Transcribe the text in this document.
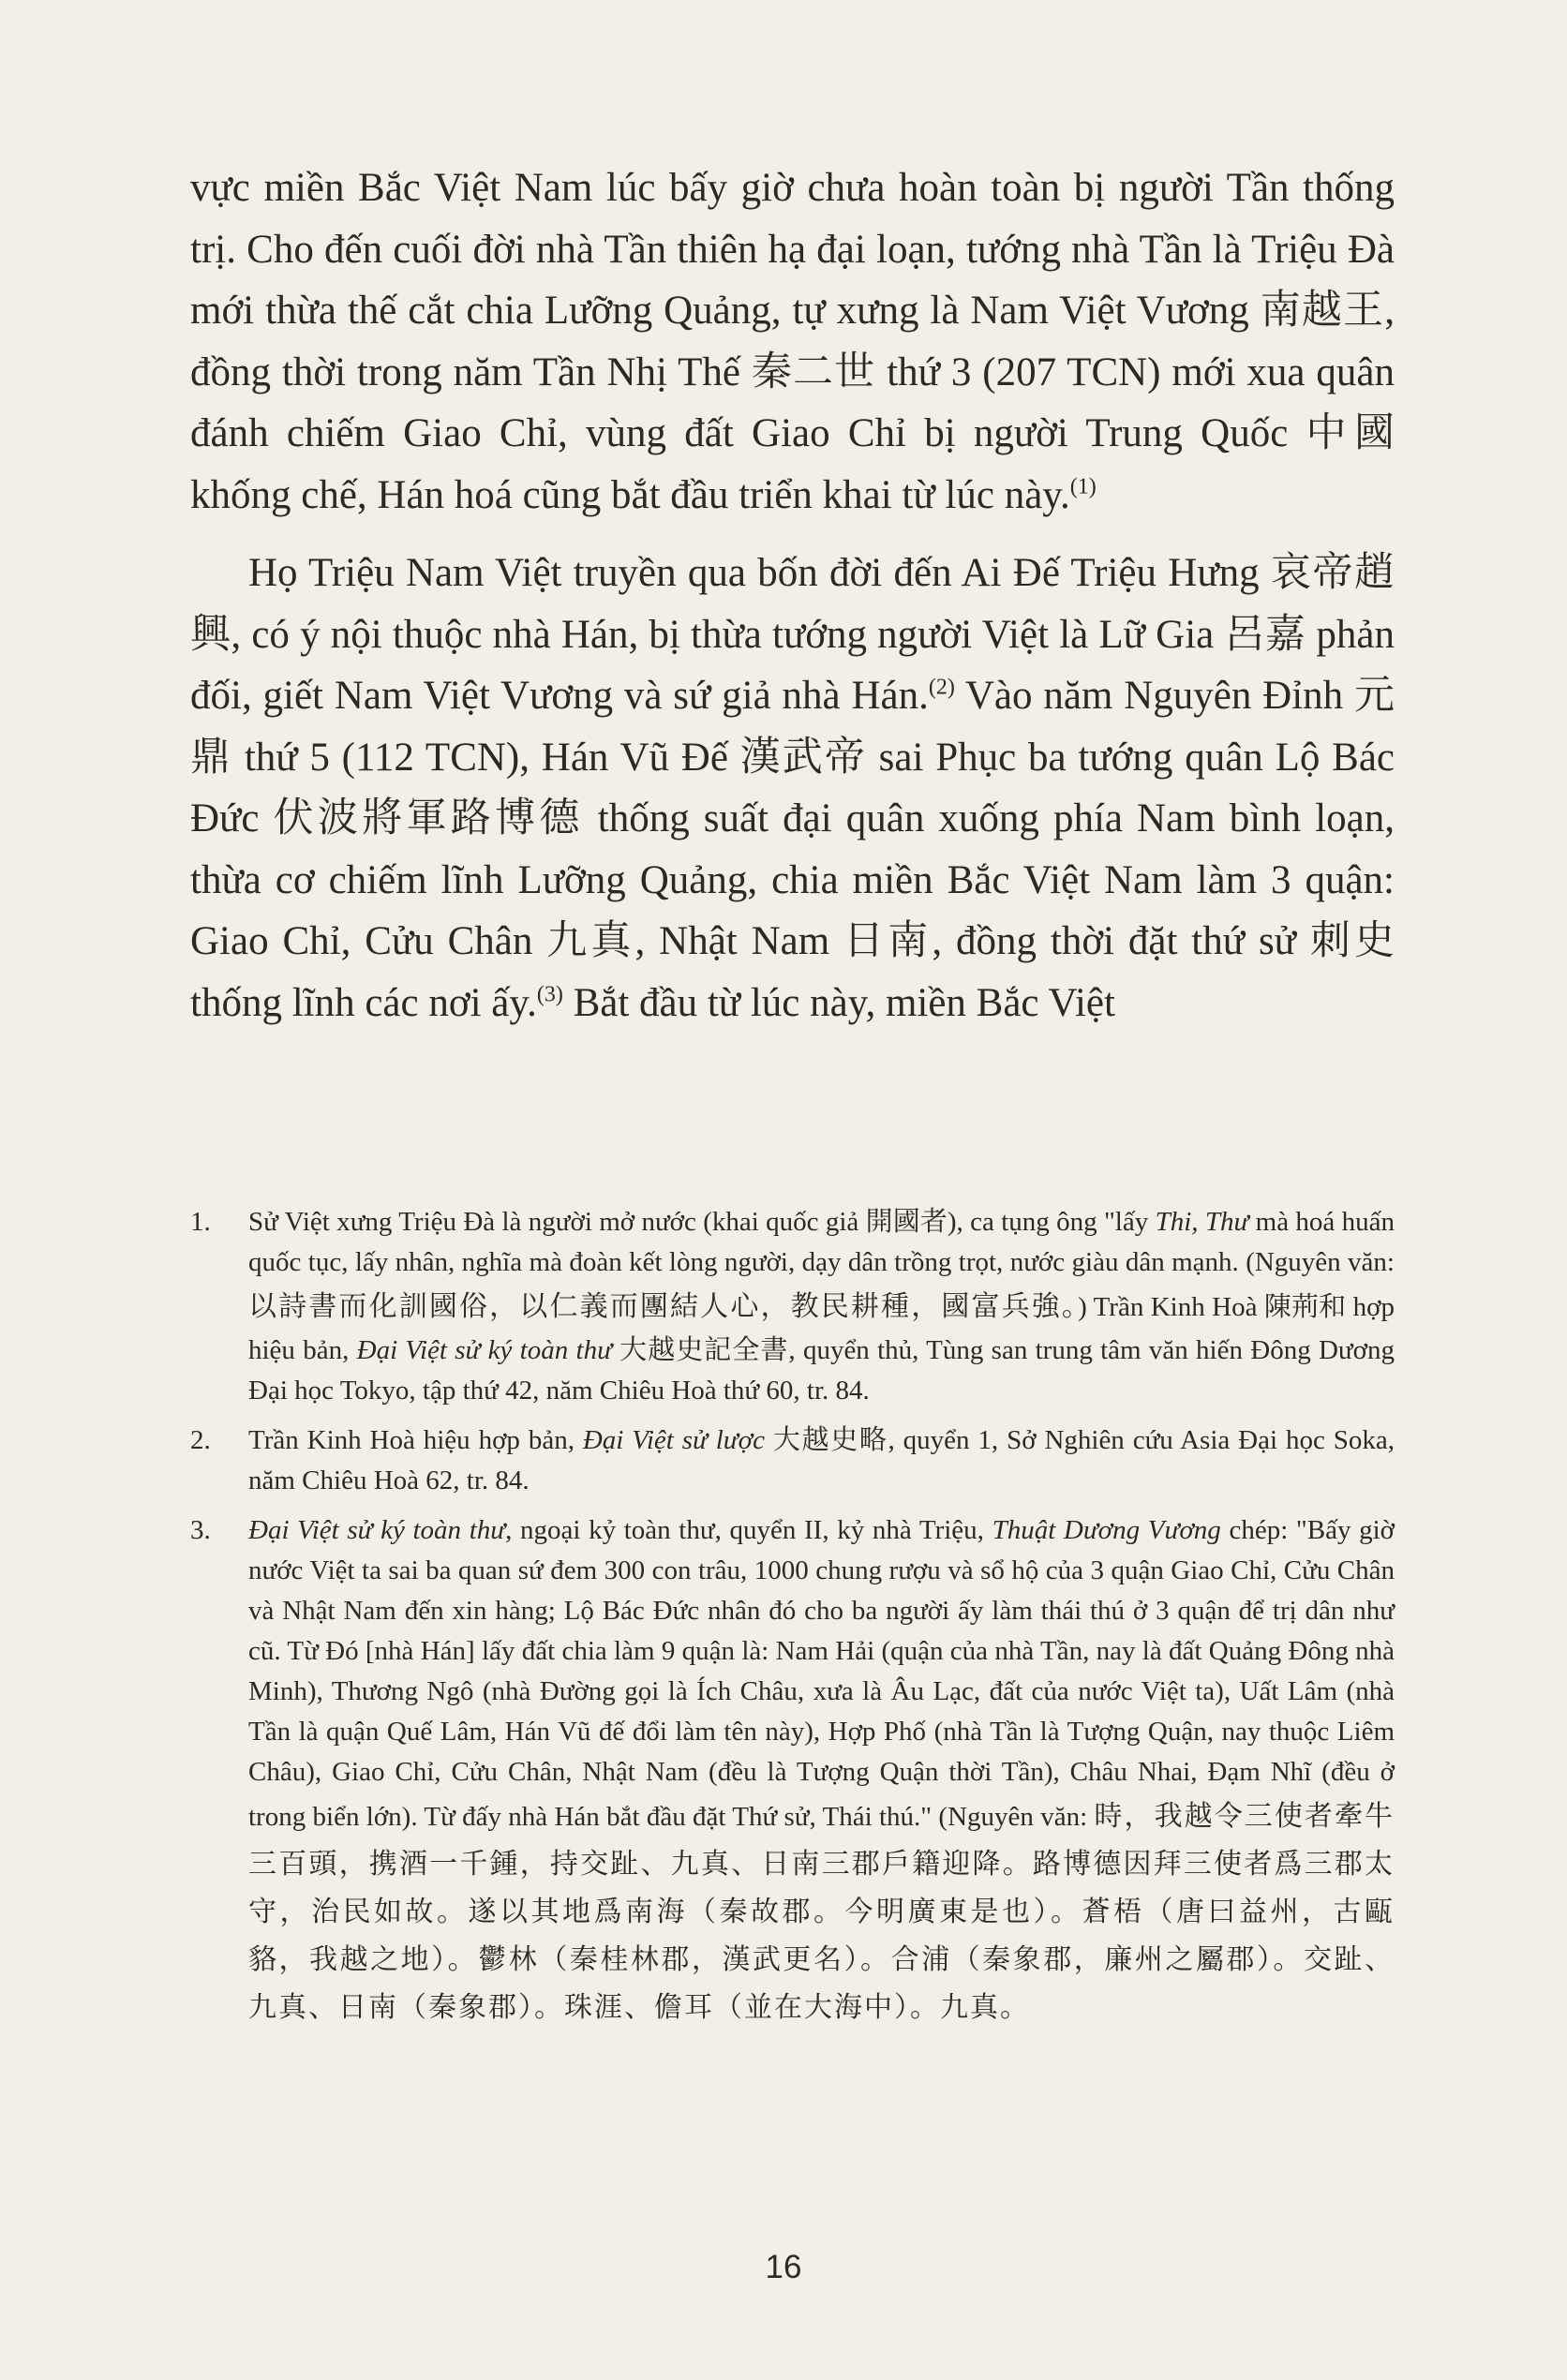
vực miền Bắc Việt Nam lúc bấy giờ chưa hoàn toàn bị người Tần thống trị. Cho đến cuối đời nhà Tần thiên hạ đại loạn, tướng nhà Tần là Triệu Đà mới thừa thế cắt chia Lưỡng Quảng, tự xưng là Nam Việt Vương 南越王, đồng thời trong năm Tần Nhị Thế 秦二世 thứ 3 (207 TCN) mới xua quân đánh chiếm Giao Chỉ, vùng đất Giao Chỉ bị người Trung Quốc 中國 khống chế, Hán hoá cũng bắt đầu triển khai từ lúc này.$^{(1)}$

Họ Triệu Nam Việt truyền qua bốn đời đến Ai Đế Triệu Hưng 哀帝趙興, có ý nội thuộc nhà Hán, bị thừa tướng người Việt là Lữ Gia 呂嘉 phản đối, giết Nam Việt Vương và sứ giả nhà Hán.$^{(2)}$ Vào năm Nguyên Đỉnh 元鼎 thứ 5 (112 TCN), Hán Vũ Đế 漢武帝 sai Phục ba tướng quân Lộ Bác Đức 伏波將軍路博德 thống suất đại quân xuống phía Nam bình loạn, thừa cơ chiếm lĩnh Lưỡng Quảng, chia miền Bắc Việt Nam làm 3 quận: Giao Chỉ, Cửu Chân 九真, Nhật Nam 日南, đồng thời đặt thứ sử 刺史 thống lĩnh các nơi ấy.$^{(3)}$ Bắt đầu từ lúc này, miền Bắc Việt

1. Sử Việt xưng Triệu Đà là người mở nước (khai quốc giả 開國者), ca tụng ông "lấy Thi, Thư mà hoá huấn quốc tục, lấy nhân, nghĩa mà đoàn kết lòng người, dạy dân trồng trọt, nước giàu dân mạnh. (Nguyên văn: 以詩書而化訓國俗，以仁義而團結人心，教民耕種，國富兵強。) Trần Kinh Hoà 陳荊和 hợp hiệu bản, Đại Việt sử ký toàn thư 大越史記全書, quyển thủ, Tùng san trung tâm văn hiến Đông Dương Đại học Tokyo, tập thứ 42, năm Chiêu Hoà thứ 60, tr. 84.
2. Trần Kinh Hoà hiệu hợp bản, Đại Việt sử lược 大越史略, quyển 1, Sở Nghiên cứu Asia Đại học Soka, năm Chiêu Hoà 62, tr. 84.
3. Đại Việt sử ký toàn thư, ngoại kỷ toàn thư, quyển II, kỷ nhà Triệu, Thuật Dương Vương chép: "Bấy giờ nước Việt ta sai ba quan sứ đem 300 con trâu, 1000 chung rượu và sổ hộ của 3 quận Giao Chỉ, Cửu Chân và Nhật Nam đến xin hàng; Lộ Bác Đức nhân đó cho ba người ấy làm thái thú ở 3 quận để trị dân như cũ. Từ Đó [nhà Hán] lấy đất chia làm 9 quận là: Nam Hải (quận của nhà Tần, nay là đất Quảng Đông nhà Minh), Thương Ngô (nhà Đường gọi là Ích Châu, xưa là Âu Lạc, đất của nước Việt ta), Uất Lâm (nhà Tần là quận Quế Lâm, Hán Vũ đế đổi làm tên này), Hợp Phố (nhà Tần là Tượng Quận, nay thuộc Liêm Châu), Giao Chỉ, Cửu Chân, Nhật Nam (đều là Tượng Quận thời Tần), Châu Nhai, Đạm Nhĩ (đều ở trong biển lớn). Từ đấy nhà Hán bắt đầu đặt Thứ sử, Thái thú." (Nguyên văn: 時，我越令三使者牽牛三百頭，携酒一千鍾，持交趾、九真、日南三郡戶籍迎降。路博德因拜三使者爲三郡太守，治民如故。遂以其地爲南海（秦故郡。今明廣東是也）。蒼梧（唐曰益州，古甌貉，我越之地）。鬱林（秦桂林郡，漢武更名）。合浦（秦象郡，廉州之屬郡）。交趾、九真、日南（秦象郡）。珠涯、儋耳（並在大海中）。九真。
16
